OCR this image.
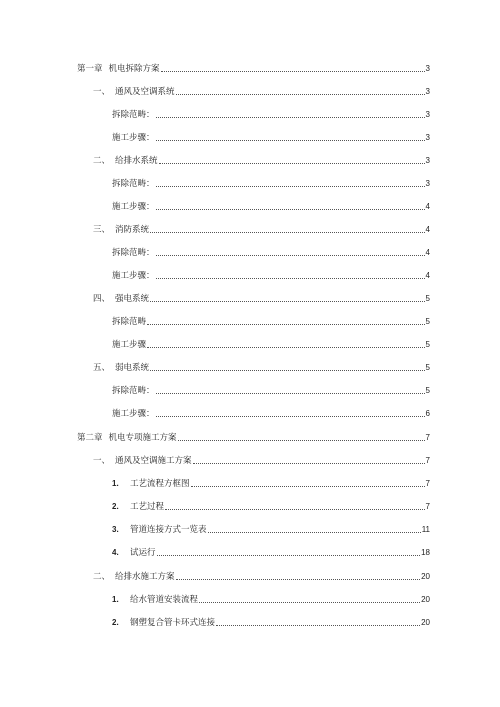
第一章 机电拆除方案	3
一、 通风及空调系统	3
拆除范畴：	3
施工步骤：	3
二、 给排水系统	3
拆除范畴：	3
施工步骤：	4
三、 消防系统	4
拆除范畴：	4
施工步骤：	4
四、 强电系统	5
拆除范畴	5
施工步骤	5
五、 弱电系统	5
拆除范畴：	5
施工步骤：	6
第二章 机电专项施工方案	7
一、 通风及空调施工方案	7
1.	工艺流程方框图	7
2.	工艺过程	7
3.	管道连接方式一览表	11
4.	试运行	18
二、 给排水施工方案	20
1.	给水管道安装流程	20
2.	钢塑复合管卡环式连接	20
